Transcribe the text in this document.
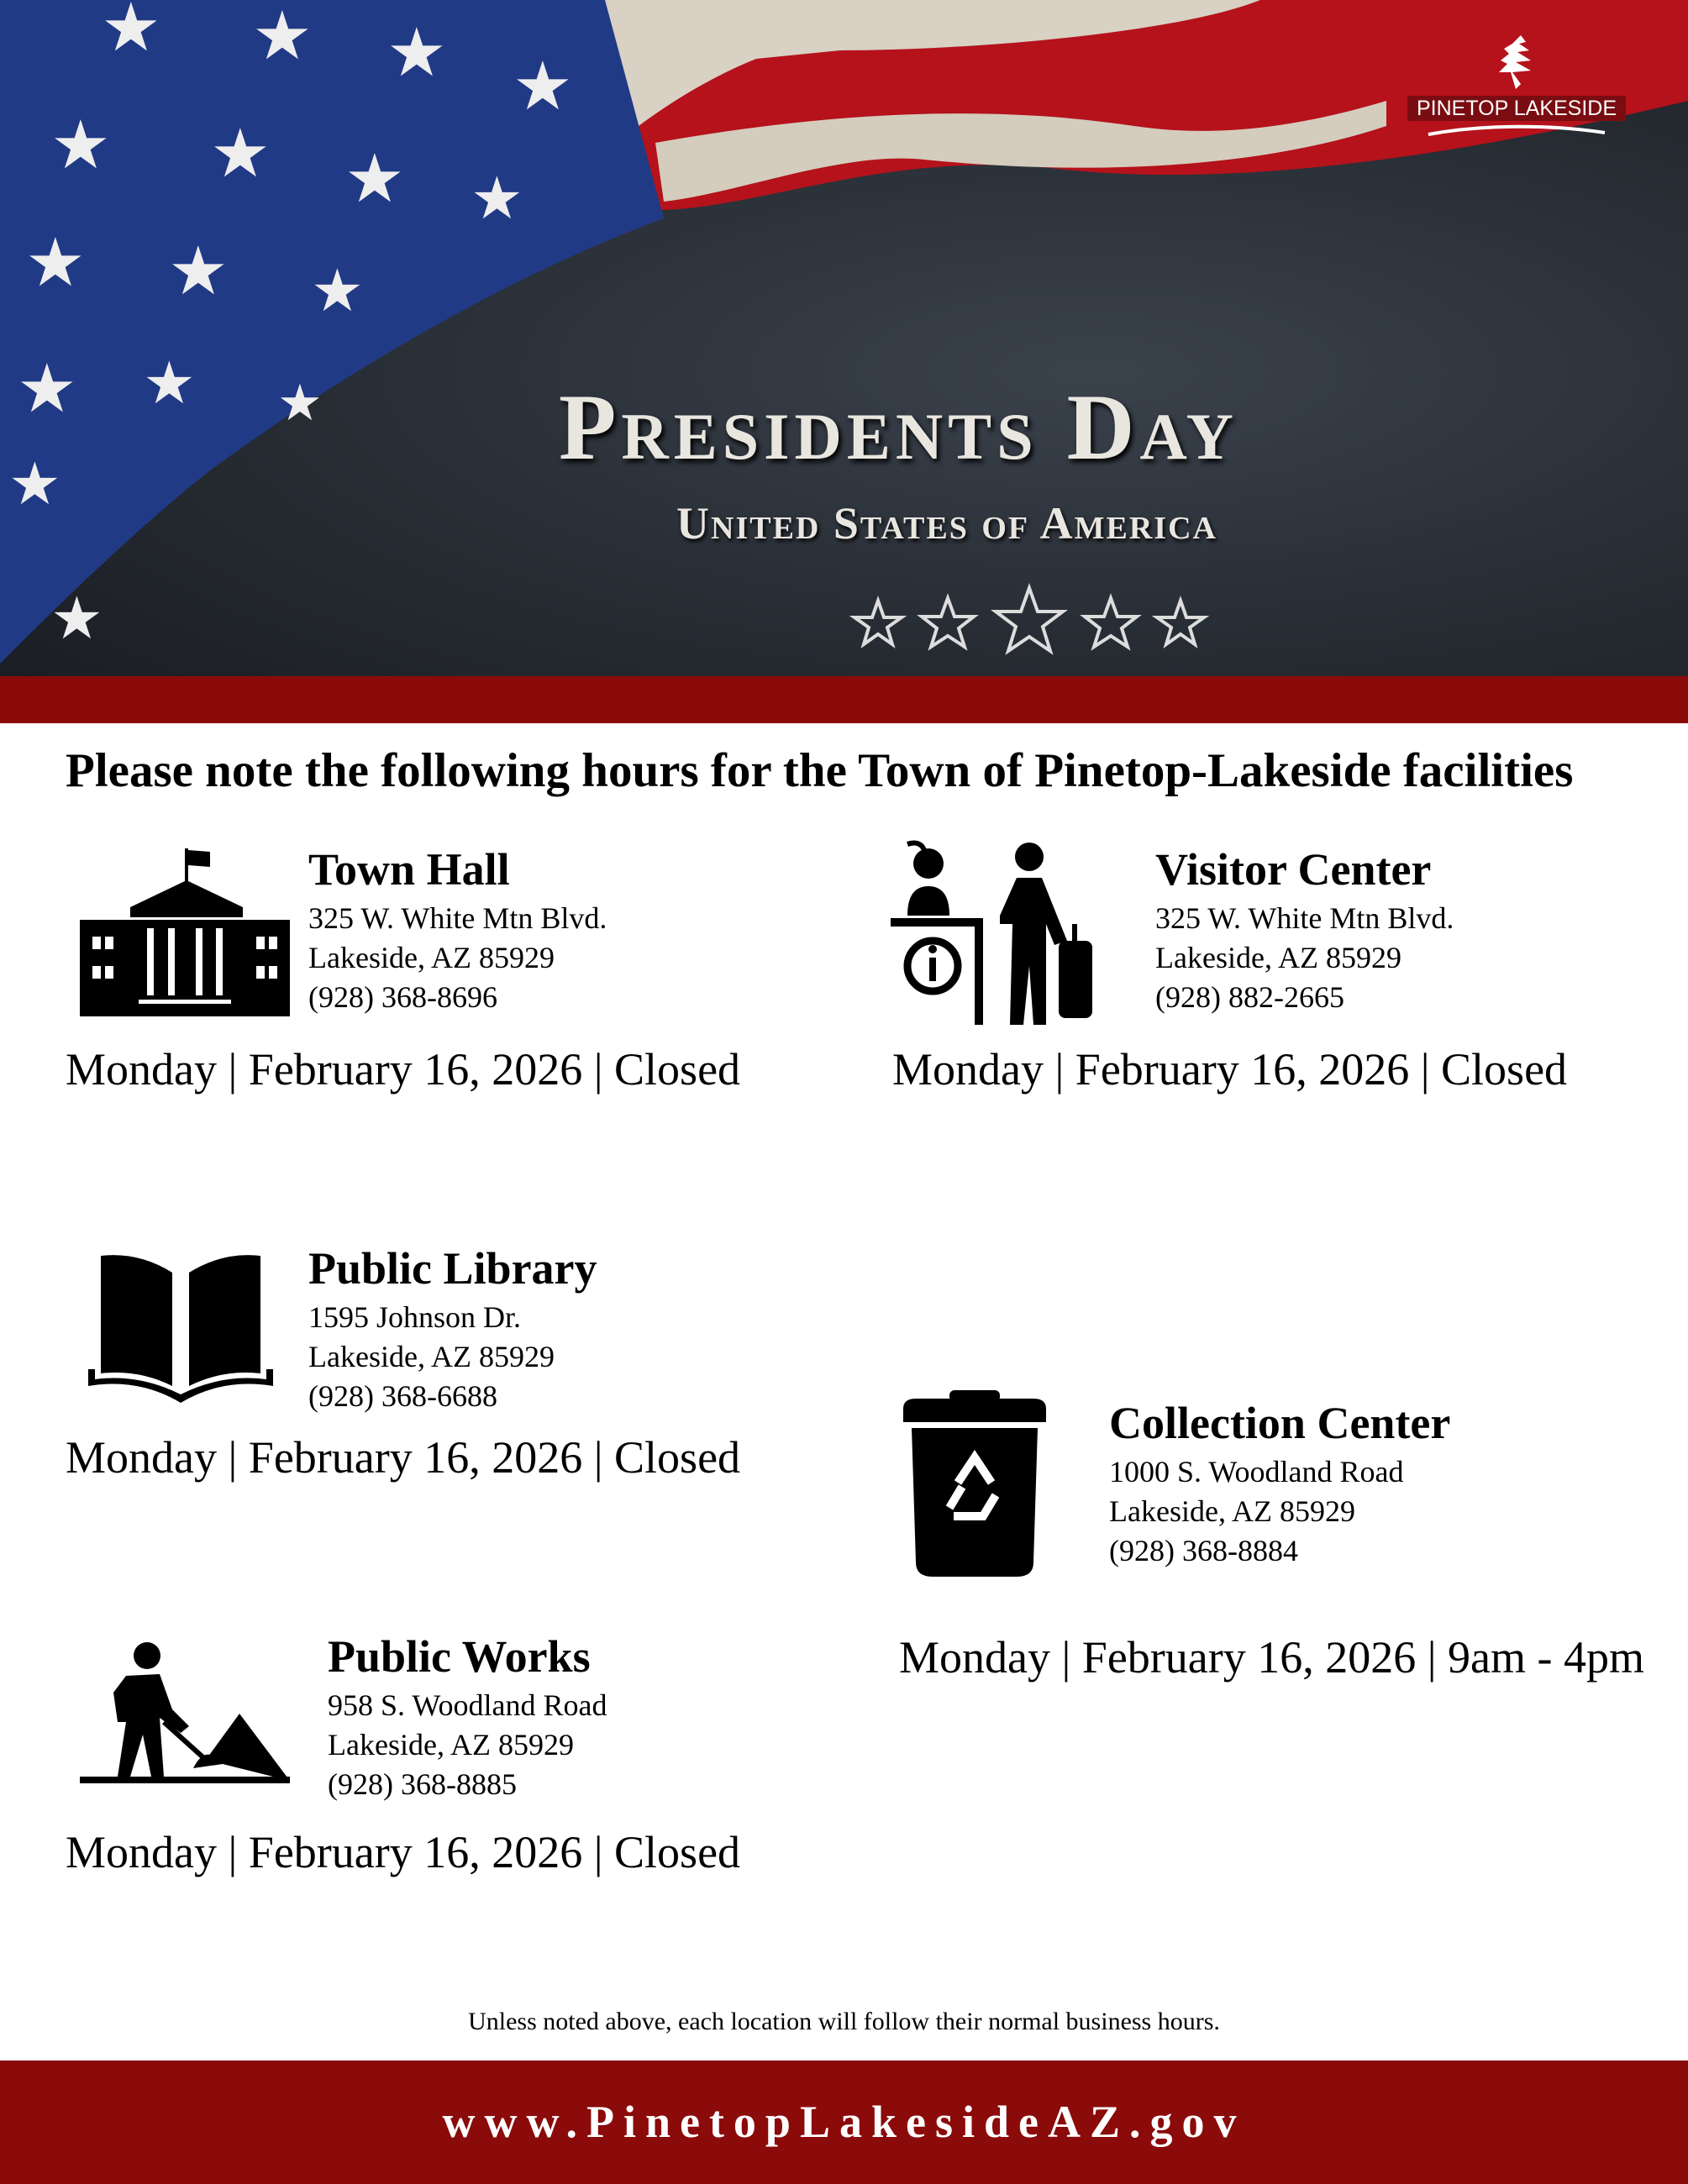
★ ★ ★ ★
★ ★ ★ ★
★ ★ ★
★ ★ ★
★
★
Presidents Day
United States of America
PINETOP LAKESIDE
Please note the following hours for the Town of Pinetop-Lakeside facilities
Town Hall
325 W. White Mtn Blvd.
Lakeside, AZ 85929
(928) 368-8696
Monday | February 16, 2026 | Closed
Visitor Center
325 W. White Mtn Blvd.
Lakeside, AZ 85929
(928) 882-2665
Monday | February 16, 2026 | Closed
Public Library
1595 Johnson Dr.
Lakeside, AZ 85929
(928) 368-6688
Monday | February 16, 2026 | Closed
Collection Center
1000 S. Woodland Road
Lakeside, AZ 85929
(928) 368-8884
Monday | February 16, 2026 | 9am - 4pm
Public Works
958 S. Woodland Road
Lakeside, AZ 85929
(928) 368-8885
Monday | February 16, 2026 | Closed
Unless noted above, each location will follow their normal business hours.
www.PinetopLakesideAZ.gov
